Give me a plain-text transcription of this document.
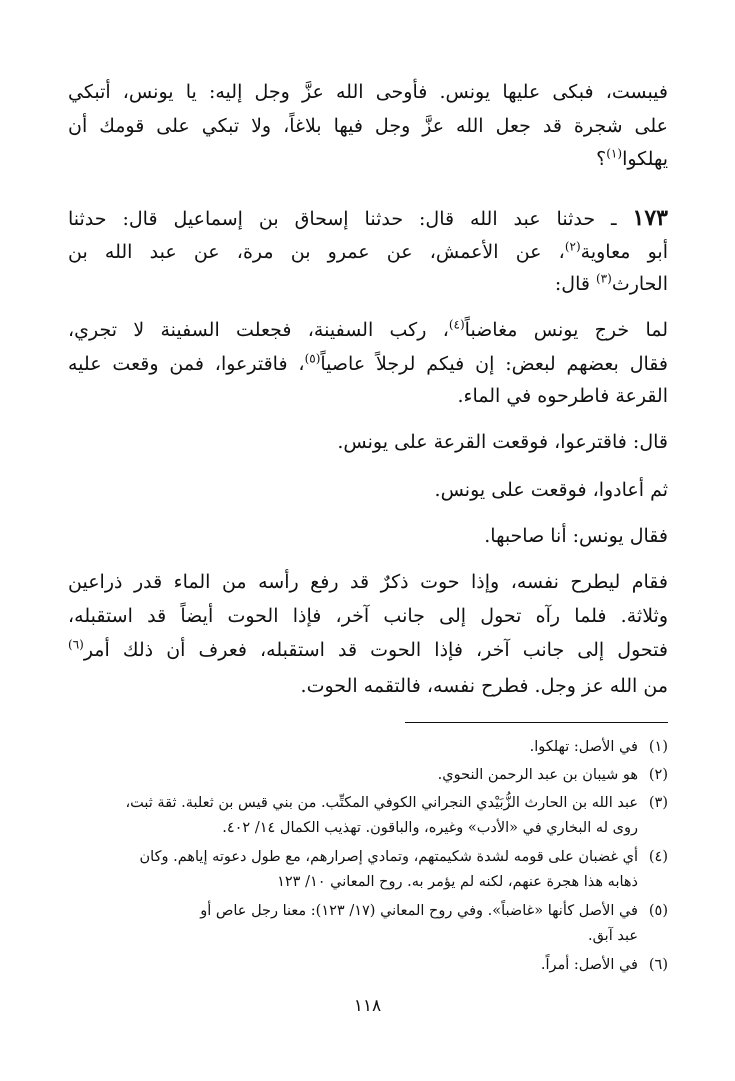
فيبست، فبكى عليها يونس. فأوحى الله عزَّ وجل إليه: يا يونس، أتبكي
على شجرة قد جعل الله عزَّ وجل فيها بلاغاً، ولا تبكي على قومك أن
يهلكوا$^{(١)}$؟
١٧٣ ـ حدثنا عبد الله قال: حدثنا إسحاق بن إسماعيل قال: حدثنا
أبو معاوية$^{(٢)}$، عن الأعمش، عن عمرو بن مرة، عن عبد الله بن
الحارث$^{(٣)}$ قال:
لما خرج يونس مغاضباً$^{(٤)}$، ركب السفينة، فجعلت السفينة لا تجري،
فقال بعضهم لبعض: إن فيكم لرجلاً عاصياً$^{(٥)}$، فاقترعوا، فمن وقعت عليه
القرعة فاطرحوه في الماء.
قال: فاقترعوا، فوقعت القرعة على يونس.
ثم أعادوا، فوقعت على يونس.
فقال يونس: أنا صاحبها.
فقام ليطرح نفسه، وإذا حوت ذكرٌ قد رفع رأسه من الماء قدر ذراعين
وثلاثة. فلما رآه تحول إلى جانب آخر، فإذا الحوت أيضاً قد استقبله،
فتحول إلى جانب آخر، فإذا الحوت قد استقبله، فعرف أن ذلك أمر$^{(٦)}$
من الله عز وجل. فطرح نفسه، فالتقمه الحوت.
(١)في الأصل: تهلكوا.
(٢)هو شيبان بن عبد الرحمن النحوي.
(٣)عبد الله بن الحارث الزُّبَيْدي النجراني الكوفي المكتِّب. من بني قيس بن ثعلبة. ثقة ثبت،
روى له البخاري في «الأدب» وغيره، والباقون. تهذيب الكمال ١٤/ ٤٠٢.
(٤)أي غضبان على قومه لشدة شكيمتهم، وتمادي إصرارهم، مع طول دعوته إياهم. وكان
ذهابه هذا هجرة عنهم، لكنه لم يؤمر به. روح المعاني ١٠/ ١٢٣
(٥)في الأصل كأنها «غاضباً». وفي روح المعاني (١٧/ ١٢٣): معنا رجل عاص أو
عبد آبق.
(٦)في الأصل: أمراً.
١١٨
